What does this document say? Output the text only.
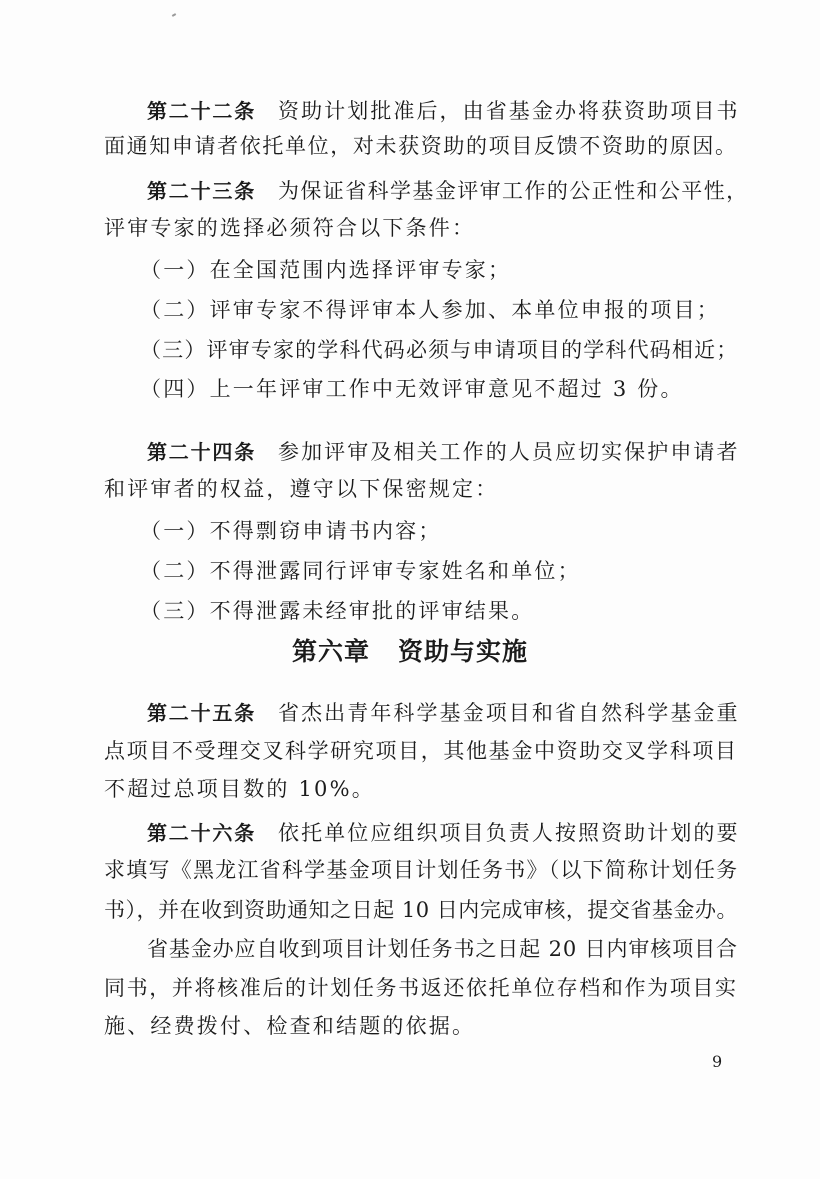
第二十二条 资助计划批准后，由省基金办将获资助项目书
面通知申请者依托单位，对未获资助的项目反馈不资助的原因。
第二十三条 为保证省科学基金评审工作的公正性和公平性，
评审专家的选择必须符合以下条件：
（一）在全国范围内选择评审专家；
（二）评审专家不得评审本人参加、本单位申报的项目；
（三）评审专家的学科代码必须与申请项目的学科代码相近；
（四）上一年评审工作中无效评审意见不超过 3 份。
第二十四条 参加评审及相关工作的人员应切实保护申请者
和评审者的权益，遵守以下保密规定：
（一）不得剽窃申请书内容；
（二）不得泄露同行评审专家姓名和单位；
（三）不得泄露未经审批的评审结果。
第六章 资助与实施
第二十五条 省杰出青年科学基金项目和省自然科学基金重
点项目不受理交叉科学研究项目，其他基金中资助交叉学科项目
不超过总项目数的 10%。
第二十六条 依托单位应组织项目负责人按照资助计划的要
求填写《黑龙江省科学基金项目计划任务书》（以下简称计划任务
书），并在收到资助通知之日起 10 日内完成审核，提交省基金办。
省基金办应自收到项目计划任务书之日起 20 日内审核项目合
同书，并将核准后的计划任务书返还依托单位存档和作为项目实
施、经费拨付、检查和结题的依据。
9
